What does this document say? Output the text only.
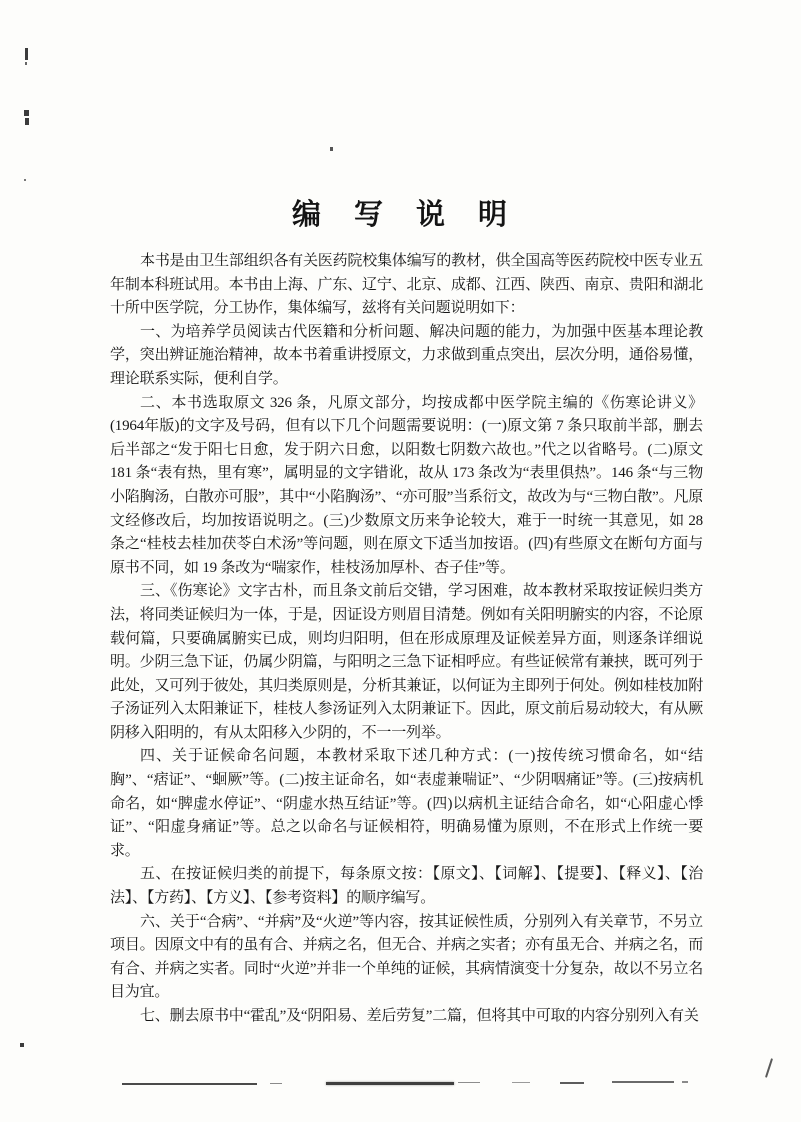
编　写　说　明

本书是由卫生部组织各有关医药院校集体编写的教材，供全国高等医药院校中医专业五年制本科班试用。本书由上海、广东、辽宁、北京、成都、江西、陕西、南京、贵阳和湖北十所中医学院，分工协作，集体编写，兹将有关问题说明如下：

一、为培养学员阅读古代医籍和分析问题、解决问题的能力，为加强中医基本理论教学，突出辨证施治精神，故本书着重讲授原文，力求做到重点突出，层次分明，通俗易懂，理论联系实际，便利自学。

二、本书选取原文 326 条，凡原文部分，均按成都中医学院主编的《伤寒论讲义》(1964年版)的文字及号码，但有以下几个问题需要说明：(一)原文第 7 条只取前半部，删去后半部之“发于阳七日愈，发于阴六日愈，以阳数七阴数六故也。”代之以省略号。(二)原文 181 条“表有热，里有寒”，属明显的文字错讹，故从 173 条改为“表里俱热”。146 条“与三物小陷胸汤，白散亦可服”，其中“小陷胸汤”、“亦可服”当系衍文，故改为与“三物白散”。凡原文经修改后，均加按语说明之。(三)少数原文历来争论较大，难于一时统一其意见，如 28 条之“桂枝去桂加茯苓白术汤”等问题，则在原文下适当加按语。(四)有些原文在断句方面与原书不同，如 19 条改为“喘家作，桂枝汤加厚朴、杏子佳”等。

三、《伤寒论》文字古朴，而且条文前后交错，学习困难，故本教材采取按证候归类方法，将同类证候归为一体，于是，因证设方则眉目清楚。例如有关阳明腑实的内容，不论原载何篇，只要确属腑实已成，则均归阳明，但在形成原理及证候差异方面，则逐条详细说明。少阴三急下证，仍属少阴篇，与阳明之三急下证相呼应。有些证候常有兼挟，既可列于此处，又可列于彼处，其归类原则是，分析其兼证，以何证为主即列于何处。例如桂枝加附子汤证列入太阳兼证下，桂枝人参汤证列入太阴兼证下。因此，原文前后易动较大，有从厥阴移入阳明的，有从太阳移入少阴的，不一一列举。

四、关于证候命名问题，本教材采取下述几种方式：(一)按传统习惯命名，如“结胸”、“痞证”、“蛔厥”等。(二)按主证命名，如“表虚兼喘证”、“少阴咽痛证”等。(三)按病机命名，如“脾虚水停证”、“阴虚水热互结证”等。(四)以病机主证结合命名，如“心阳虚心悸证”、“阳虚身痛证”等。总之以命名与证候相符，明确易懂为原则，不在形式上作统一要求。

五、在按证候归类的前提下，每条原文按：【原文】、【词解】、【提要】、【释义】、【治法】、【方药】、【方义】、【参考资料】的顺序编写。

六、关于“合病”、“并病”及“火逆”等内容，按其证候性质，分别列入有关章节，不另立项目。因原文中有的虽有合、并病之名，但无合、并病之实者；亦有虽无合、并病之名，而有合、并病之实者。同时“火逆”并非一个单纯的证候，其病情演变十分复杂，故以不另立名目为宜。

七、删去原书中“霍乱”及“阴阳易、差后劳复”二篇，但将其中可取的内容分别列入有关
